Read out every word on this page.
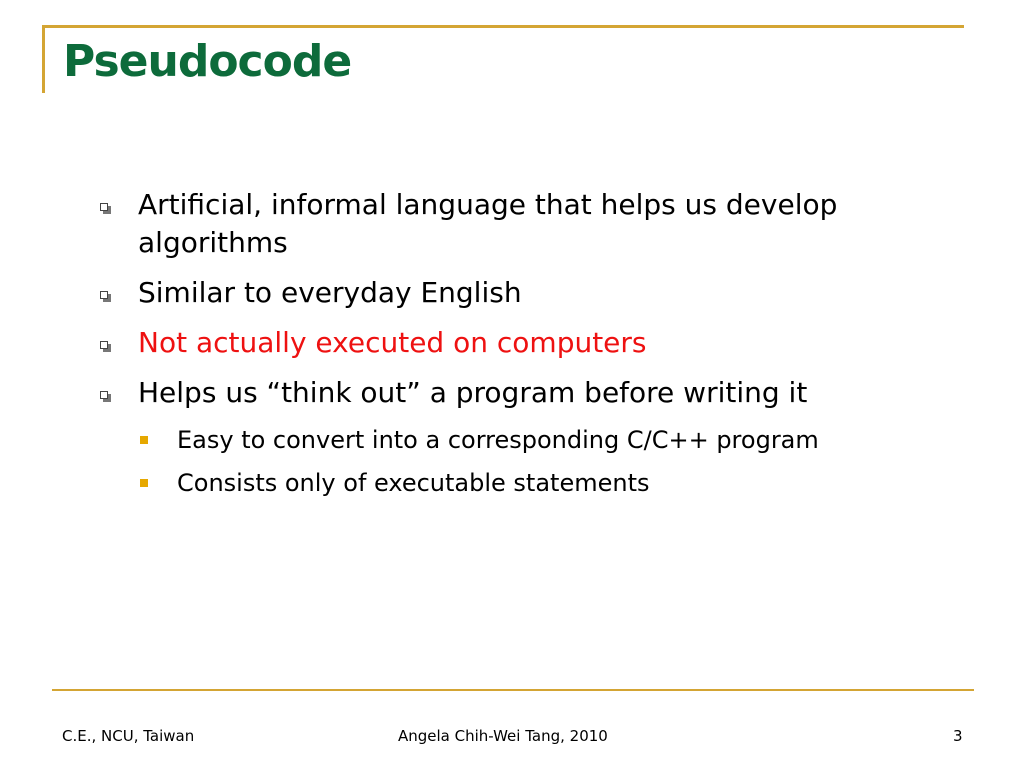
Pseudocode
Artificial, informal language that helps us develop algorithms
Similar to everyday English
Not actually executed on computers
Helps us “think out” a program before writing it
Easy to convert into a corresponding C/C++ program
Consists only of executable statements
C.E., NCU, Taiwan	Angela Chih-Wei Tang, 2010	3
